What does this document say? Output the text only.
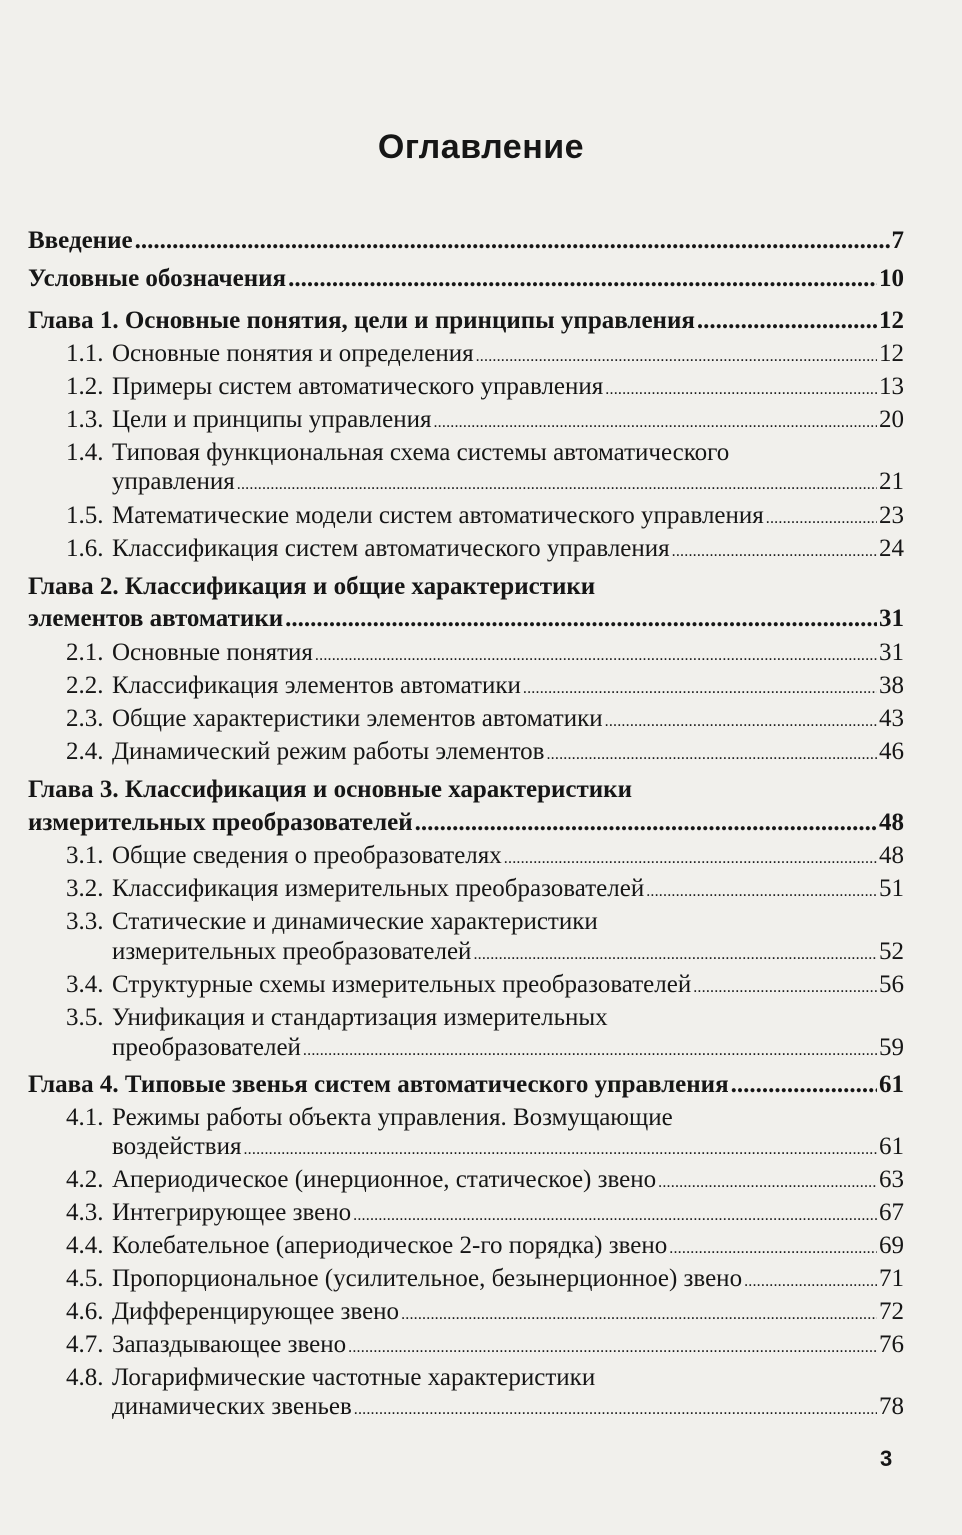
Оглавление
Введение .....	7
Условные обозначения .....	10
Глава 1. Основные понятия, цели и принципы управления .....	12
1.1. Основные понятия и определения .....	12
1.2. Примеры систем автоматического управления .....	13
1.3. Цели и принципы управления .....	20
1.4. Типовая функциональная схема системы автоматического
управления .....	21
1.5. Математические модели систем автоматического управления .....	23
1.6. Классификация систем автоматического управления .....	24
Глава 2. Классификация и общие характеристики
элементов автоматики .....	31
2.1. Основные понятия .....	31
2.2. Классификация элементов автоматики .....	38
2.3. Общие характеристики элементов автоматики .....	43
2.4. Динамический режим работы элементов .....	46
Глава 3. Классификация и основные характеристики
измерительных преобразователей .....	48
3.1. Общие сведения о преобразователях .....	48
3.2. Классификация измерительных преобразователей .....	51
3.3. Статические и динамические характеристики
измерительных преобразователей .....	52
3.4. Структурные схемы измерительных преобразователей .....	56
3.5. Унификация и стандартизация измерительных
преобразователей .....	59
Глава 4. Типовые звенья систем автоматического управления .....	61
4.1. Режимы работы объекта управления. Возмущающие
воздействия .....	61
4.2. Апериодическое (инерционное, статическое) звено .....	63
4.3. Интегрирующее звено .....	67
4.4. Колебательное (апериодическое 2-го порядка) звено .....	69
4.5. Пропорциональное (усилительное, безынерционное) звено .....	71
4.6. Дифференцирующее звено .....	72
4.7. Запаздывающее звено .....	76
4.8. Логарифмические частотные характеристики
динамических звеньев .....	78
3
